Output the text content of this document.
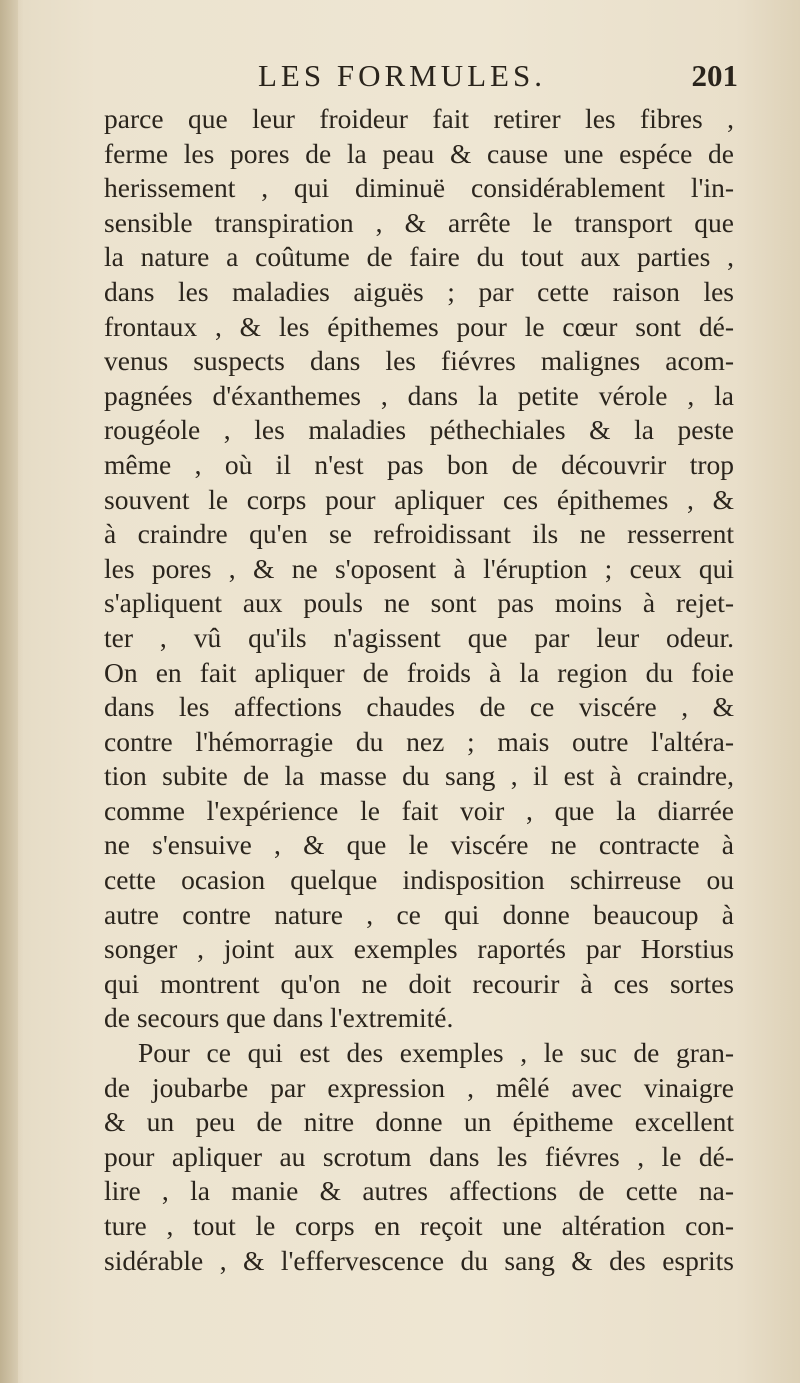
LES FORMULES.	201
parce que leur froideur fait retirer les fibres ,
ferme les pores de la peau & cause une espéce de
herissement , qui diminuë considérablement l'in-
sensible transpiration , & arrête le transport que
la nature a coûtume de faire du tout aux parties ,
dans les maladies aiguës ; par cette raison les
frontaux , & les épithemes pour le cœur sont dé-
venus suspects dans les fiévres malignes acom-
pagnées d'éxanthemes , dans la petite vérole , la
rougéole , les maladies péthechiales & la peste
même , où il n'est pas bon de découvrir trop
souvent le corps pour apliquer ces épithemes , &
à craindre qu'en se refroidissant ils ne resserrent
les pores , & ne s'oposent à l'éruption ; ceux qui
s'apliquent aux pouls ne sont pas moins à rejet-
ter , vû qu'ils n'agissent que par leur odeur.
On en fait apliquer de froids à la region du foie
dans les affections chaudes de ce viscére , &
contre l'hémorragie du nez ; mais outre l'altéra-
tion subite de la masse du sang , il est à craindre,
comme l'expérience le fait voir , que la diarrée
ne s'ensuive , & que le viscére ne contracte à
cette ocasion quelque indisposition schirreuse ou
autre contre nature , ce qui donne beaucoup à
songer , joint aux exemples raportés par Horstius
qui montrent qu'on ne doit recourir à ces sortes
de secours que dans l'extremité.
Pour ce qui est des exemples , le suc de gran-
de joubarbe par expression , mêlé avec vinaigre
& un peu de nitre donne un épitheme excellent
pour apliquer au scrotum dans les fiévres , le dé-
lire , la manie & autres affections de cette na-
ture , tout le corps en reçoit une altération con-
sidérable , & l'effervescence du sang & des esprits
